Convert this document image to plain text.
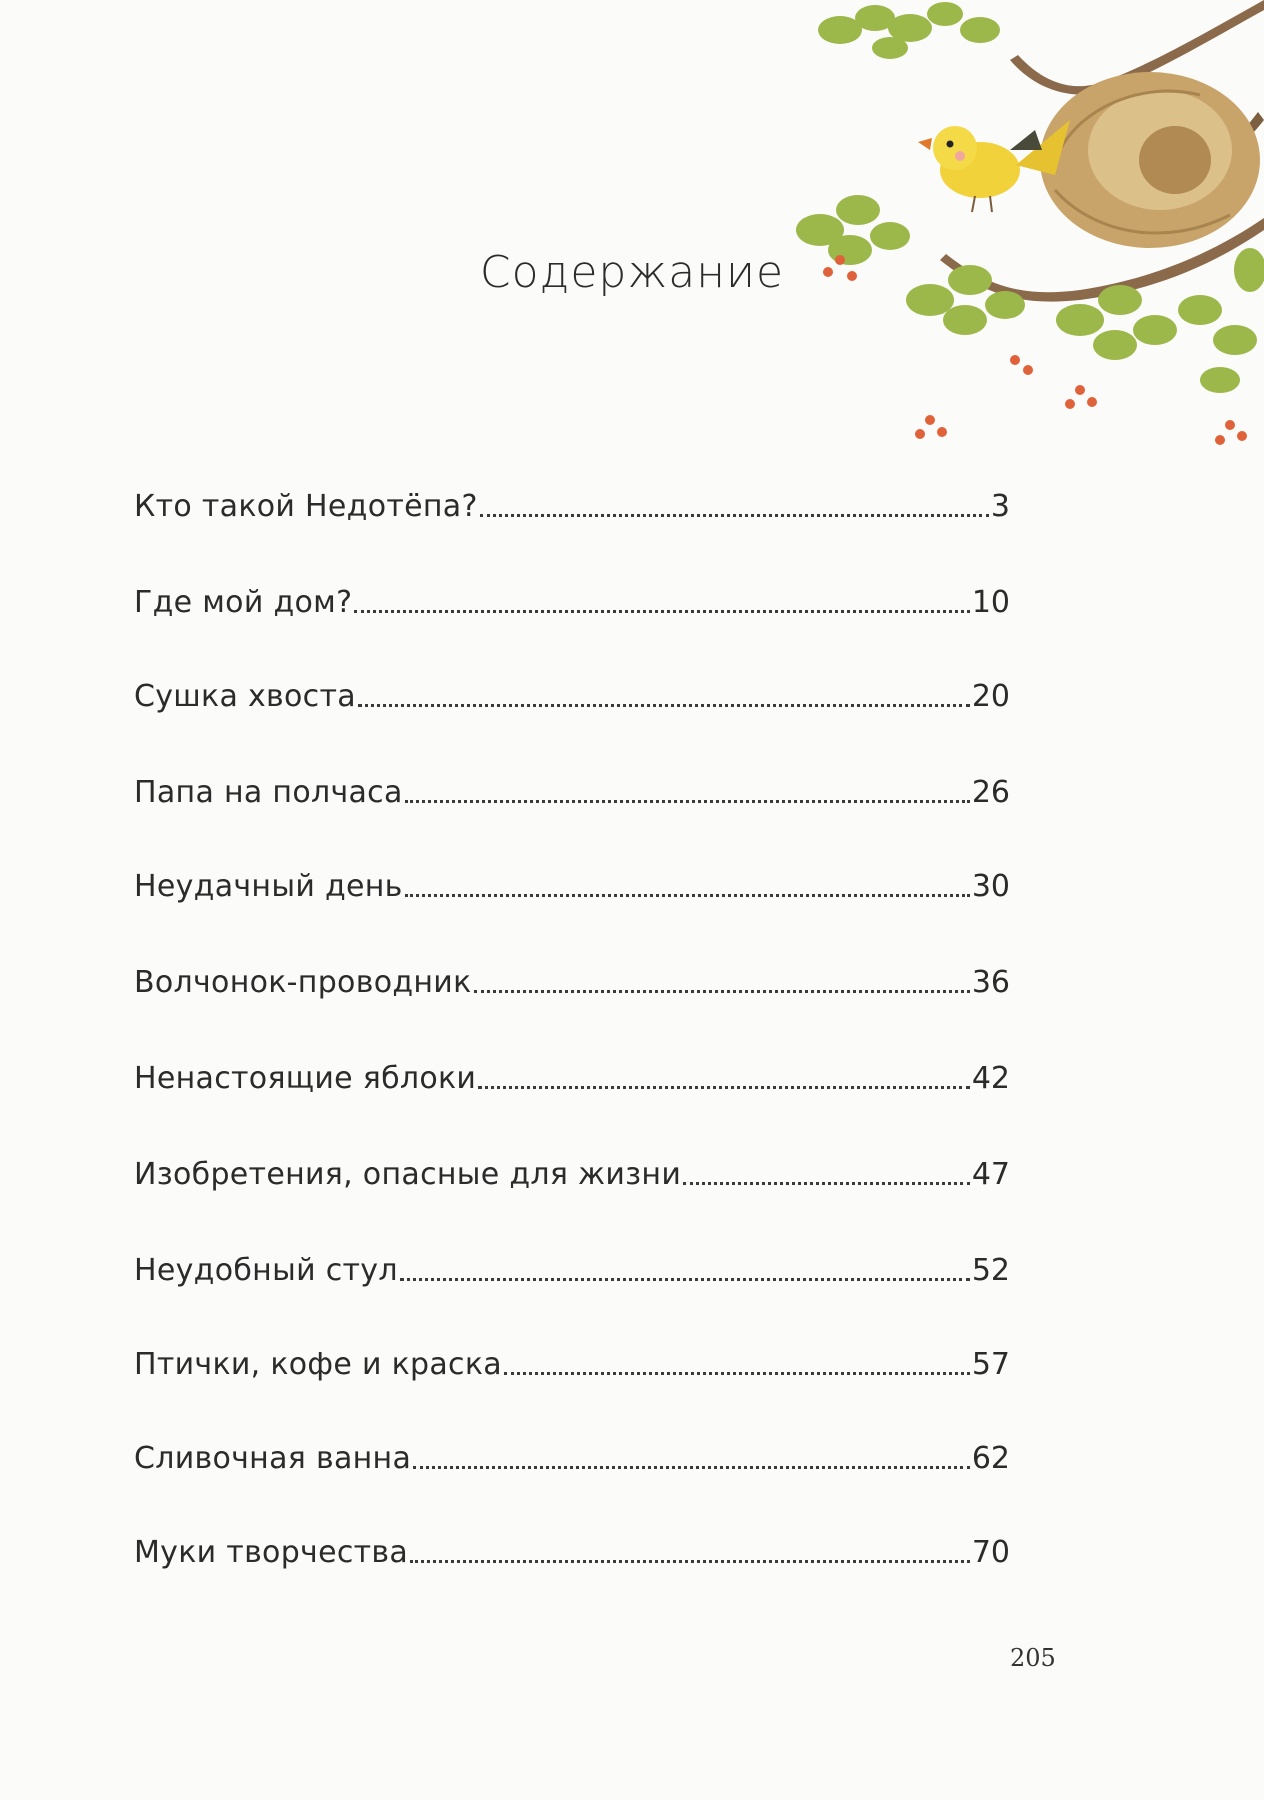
Содержание
Кто такой Недотёпа?	3
Где мой дом?	10
Сушка хвоста	20
Папа на полчаса	26
Неудачный день	30
Волчонок-проводник	36
Ненастоящие яблоки	42
Изобретения, опасные для жизни	47
Неудобный стул	52
Птички, кофе и краска	57
Сливочная ванна	62
Муки творчества	70
205
